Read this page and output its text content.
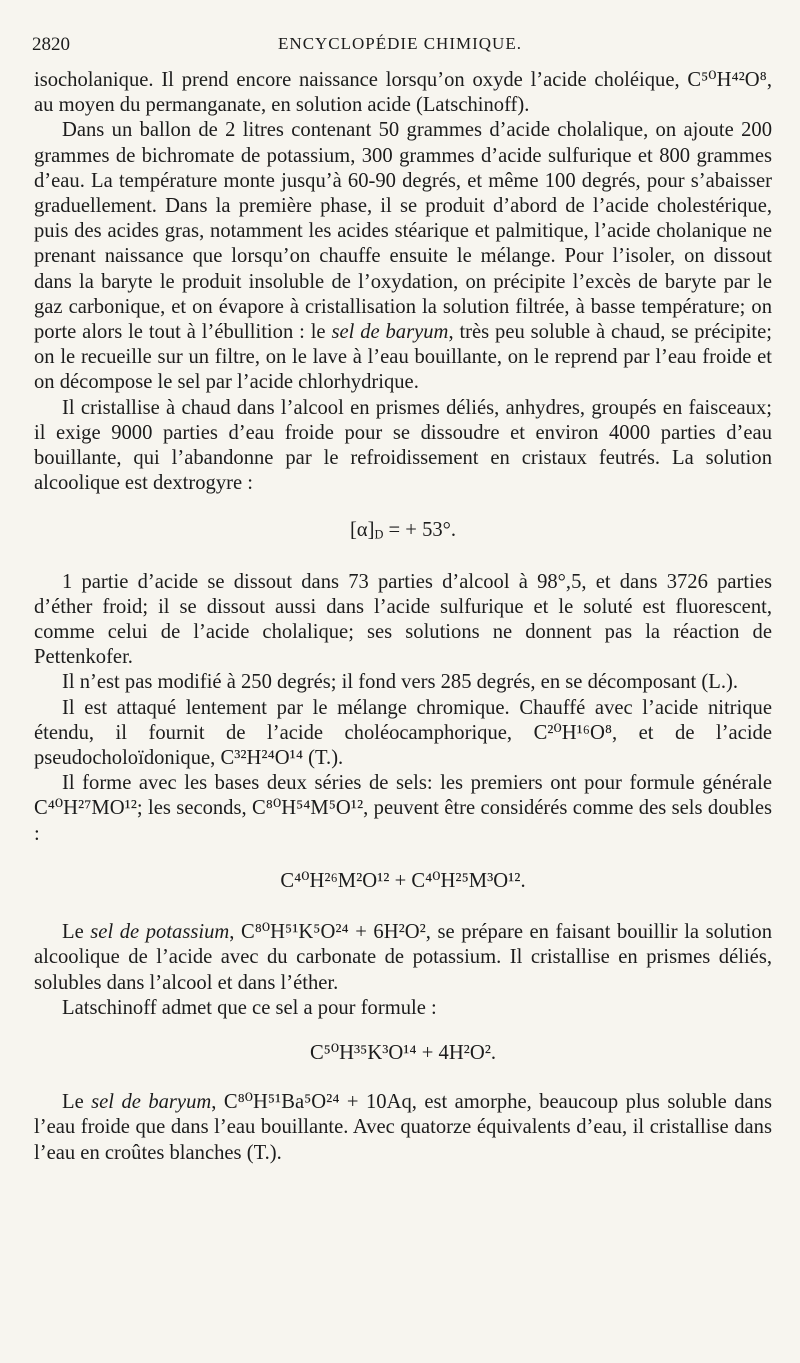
2820	ENCYCLOPÉDIE CHIMIQUE.

isocholanique. Il prend encore naissance lorsqu’on oxyde l’acide choléique, C⁵⁰H⁴²O⁸, au moyen du permanganate, en solution acide (Latschinoff).

Dans un ballon de 2 litres contenant 50 grammes d’acide cholalique, on ajoute 200 grammes de bichromate de potassium, 300 grammes d’acide sulfurique et 800 grammes d’eau. La température monte jusqu’à 60-90 degrés, et même 100 degrés, pour s’abaisser graduellement. Dans la première phase, il se produit d’abord de l’acide cholestérique, puis des acides gras, notamment les acides stéarique et palmitique, l’acide cholanique ne prenant naissance que lorsqu’on chauffe ensuite le mélange. Pour l’isoler, on dissout dans la baryte le produit insoluble de l’oxydation, on précipite l’excès de baryte par le gaz carbonique, et on évapore à cristallisation la solution filtrée, à basse température; on porte alors le tout à l’ébullition : le sel de baryum, très peu soluble à chaud, se précipite; on le recueille sur un filtre, on le lave à l’eau bouillante, on le reprend par l’eau froide et on décompose le sel par l’acide chlorhydrique.

Il cristallise à chaud dans l’alcool en prismes déliés, anhydres, groupés en faisceaux; il exige 9000 parties d’eau froide pour se dissoudre et environ 4000 parties d’eau bouillante, qui l’abandonne par le refroidissement en cristaux feutrés. La solution alcoolique est dextrogyre :

$[\alpha]_D$ = + 53°.

1 partie d’acide se dissout dans 73 parties d’alcool à 98°,5, et dans 3726 parties d’éther froid; il se dissout aussi dans l’acide sulfurique et le soluté est fluorescent, comme celui de l’acide cholalique; ses solutions ne donnent pas la réaction de Pettenkofer.

Il n’est pas modifié à 250 degrés; il fond vers 285 degrés, en se décomposant (L.).

Il est attaqué lentement par le mélange chromique. Chauffé avec l’acide nitrique étendu, il fournit de l’acide choléocamphorique, C²⁰H¹⁶O⁸, et de l’acide pseudocholoïdonique, C³²H²⁴O¹⁴ (T.).

Il forme avec les bases deux séries de sels: les premiers ont pour formule générale C⁴⁰H²⁷MO¹²; les seconds, C⁸⁰H⁵⁴M⁵O¹², peuvent être considérés comme des sels doubles :

C⁴⁰H²⁶M²O¹² + C⁴⁰H²⁵M³O¹².

Le sel de potassium, C⁸⁰H⁵¹K⁵O²⁴ + 6H²O², se prépare en faisant bouillir la solution alcoolique de l’acide avec du carbonate de potassium. Il cristallise en prismes déliés, solubles dans l’alcool et dans l’éther.

Latschinoff admet que ce sel a pour formule :

C⁵⁰H³⁵K³O¹⁴ + 4H²O².

Le sel de baryum, C⁸⁰H⁵¹Ba⁵O²⁴ + 10Aq, est amorphe, beaucoup plus soluble dans l’eau froide que dans l’eau bouillante. Avec quatorze équivalents d’eau, il cristallise dans l’eau en croûtes blanches (T.).
